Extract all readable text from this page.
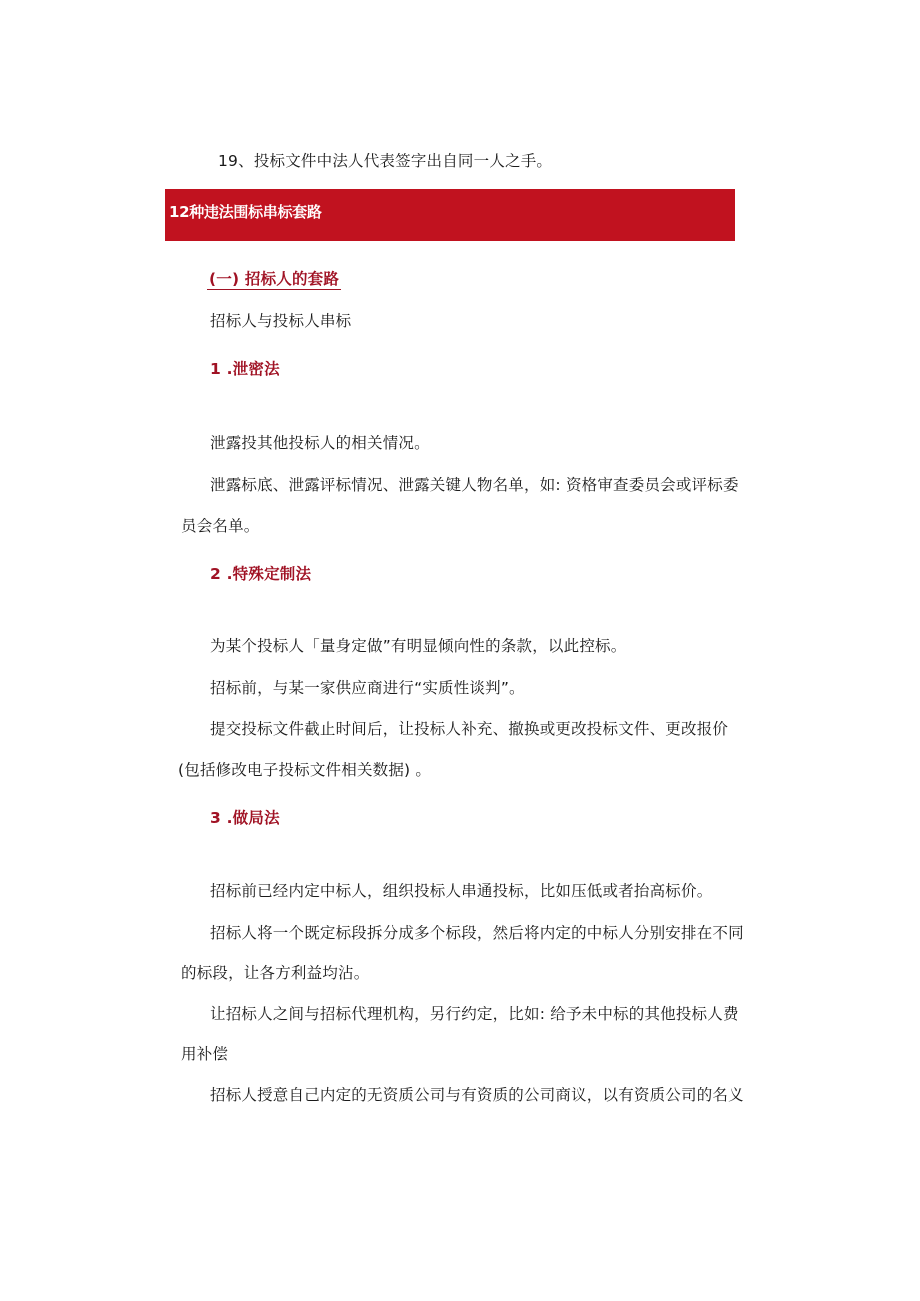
19、投标文件中法人代表签字出自同一人之手。
12种违法围标串标套路
(一) 招标人的套路
招标人与投标人串标
1 .泄密法
泄露投其他投标人的相关情况。
泄露标底、泄露评标情况、泄露关键人物名单，如: 资格审查委员会或评标委
员会名单。
2 .特殊定制法
为某个投标人「量身定做”有明显倾向性的条款，以此控标。
招标前，与某一家供应商进行“实质性谈判”。
提交投标文件截止时间后，让投标人补充、撤换或更改投标文件、更改报价
(包括修改电子投标文件相关数据) 。
3 .做局法
招标前已经内定中标人，组织投标人串通投标，比如压低或者抬高标价。
招标人将一个既定标段拆分成多个标段，然后将内定的中标人分别安排在不同
的标段，让各方利益均沾。
让招标人之间与招标代理机构，另行约定，比如: 给予未中标的其他投标人费
用补偿
招标人授意自己内定的无资质公司与有资质的公司商议，以有资质公司的名义
